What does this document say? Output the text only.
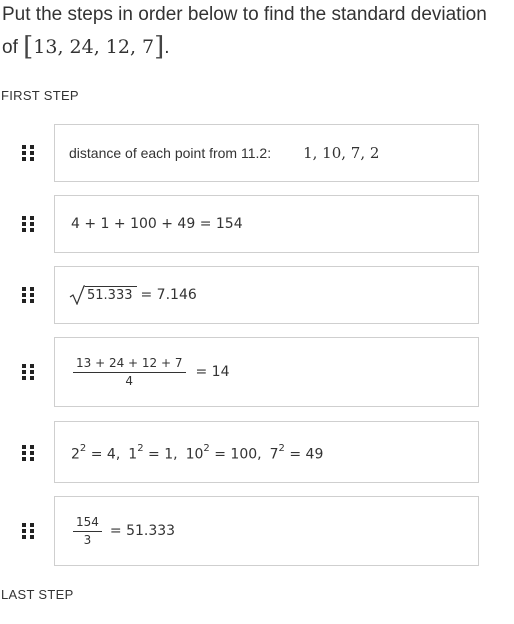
Put the steps in order below to find the standard deviation of [13, 24, 12, 7].
FIRST STEP
distance of each point from 11.2: 1, 10, 7, 2
4 + 1 + 100 + 49 = 154
51.333 = 7.146
$\frac{13 + 24 + 12 + 7}{4} = 14$
$2^2 = 4$, $1^2 = 1$, $10^2 = 100$, $7^2 = 49$
$\frac{154}{3} = 51.333$
LAST STEP
